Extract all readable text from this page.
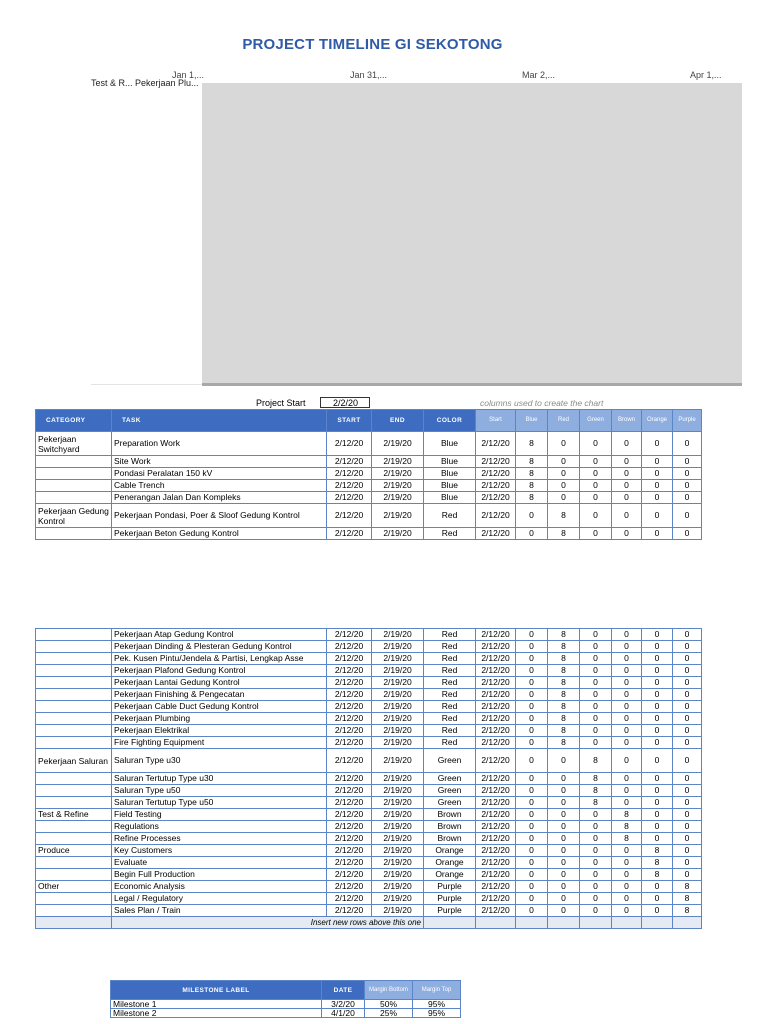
PROJECT TIMELINE GI SEKOTONG
Jan 1,...	Jan 31,...	Mar 2,...	Apr 1,...
Test & R... Pekerjaan Plu...
Project Start	2/2/20	columns used to create the chart
CATEGORY	TASK	START	END	COLOR	Start	Blue	Red	Green	Brown	Orange	Purple
Pekerjaan Switchyard	Preparation Work	2/12/20	2/19/20	Blue	2/12/20	8	0	0	0	0	0
	Site Work	2/12/20	2/19/20	Blue	2/12/20	8	0	0	0	0	0
	Pondasi Peralatan 150 kV	2/12/20	2/19/20	Blue	2/12/20	8	0	0	0	0	0
	Cable Trench	2/12/20	2/19/20	Blue	2/12/20	8	0	0	0	0	0
	Penerangan Jalan Dan Kompleks	2/12/20	2/19/20	Blue	2/12/20	8	0	0	0	0	0
Pekerjaan Gedung Kontrol	Pekerjaan Pondasi, Poer & Sloof Gedung Kontrol	2/12/20	2/19/20	Red	2/12/20	0	8	0	0	0	0
	Pekerjaan Beton Gedung Kontrol	2/12/20	2/19/20	Red	2/12/20	0	8	0	0	0	0
	Pekerjaan Atap Gedung Kontrol	2/12/20	2/19/20	Red	2/12/20	0	8	0	0	0	0
	Pekerjaan Dinding & Plesteran Gedung Kontrol	2/12/20	2/19/20	Red	2/12/20	0	8	0	0	0	0
	Pek. Kusen Pintu/Jendela & Partisi, Lengkap Asse	2/12/20	2/19/20	Red	2/12/20	0	8	0	0	0	0
	Pekerjaan Plafond Gedung Kontrol	2/12/20	2/19/20	Red	2/12/20	0	8	0	0	0	0
	Pekerjaan Lantai Gedung Kontrol	2/12/20	2/19/20	Red	2/12/20	0	8	0	0	0	0
	Pekerjaan Finishing & Pengecatan	2/12/20	2/19/20	Red	2/12/20	0	8	0	0	0	0
	Pekerjaan Cable Duct Gedung Kontrol	2/12/20	2/19/20	Red	2/12/20	0	8	0	0	0	0
	Pekerjaan Plumbing	2/12/20	2/19/20	Red	2/12/20	0	8	0	0	0	0
	Pekerjaan Elektrikal	2/12/20	2/19/20	Red	2/12/20	0	8	0	0	0	0
	Fire Fighting Equipment	2/12/20	2/19/20	Red	2/12/20	0	8	0	0	0	0
Pekerjaan Saluran	Saluran Type u30	2/12/20	2/19/20	Green	2/12/20	0	0	8	0	0	0
	Saluran Tertutup Type u30	2/12/20	2/19/20	Green	2/12/20	0	0	8	0	0	0
	Saluran Type u50	2/12/20	2/19/20	Green	2/12/20	0	0	8	0	0	0
	Saluran Tertutup Type u50	2/12/20	2/19/20	Green	2/12/20	0	0	8	0	0	0
Test & Refine	Field Testing	2/12/20	2/19/20	Brown	2/12/20	0	0	0	8	0	0
	Regulations	2/12/20	2/19/20	Brown	2/12/20	0	0	0	8	0	0
	Refine Processes	2/12/20	2/19/20	Brown	2/12/20	0	0	0	8	0	0
Produce	Key Customers	2/12/20	2/19/20	Orange	2/12/20	0	0	0	0	8	0
	Evaluate	2/12/20	2/19/20	Orange	2/12/20	0	0	0	0	8	0
	Begin Full Production	2/12/20	2/19/20	Orange	2/12/20	0	0	0	0	8	0
Other	Economic Analysis	2/12/20	2/19/20	Purple	2/12/20	0	0	0	0	0	8
	Legal / Regulatory	2/12/20	2/19/20	Purple	2/12/20	0	0	0	0	0	8
	Sales Plan / Train	2/12/20	2/19/20	Purple	2/12/20	0	0	0	0	0	8
	Insert new rows above this one										
MILESTONE LABEL	DATE	Margin Bottom	Margin Top
Milestone 1	3/2/20	50%	95%
Milestone 2	4/1/20	25%	95%
